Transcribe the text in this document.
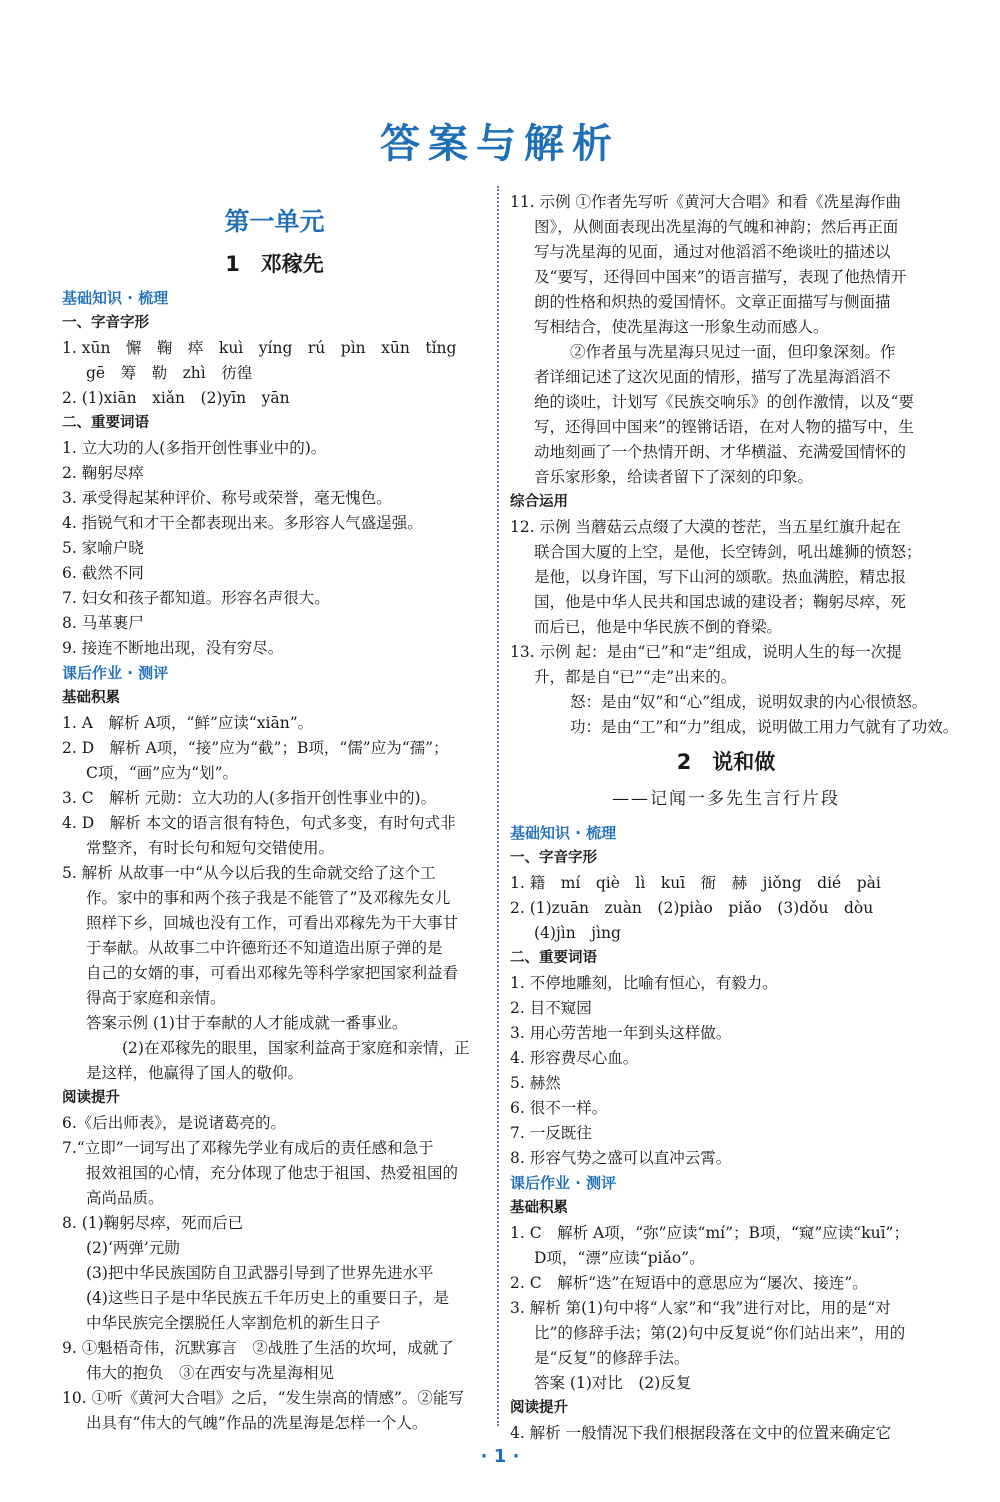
答案与解析
第一单元
1　邓稼先
基础知识 · 梳理
一、字音字形
1. xūn　懈　鞠　瘁　kuì　yíng　rú　pìn　xūn　tǐng
gē　筹　勒　zhì　彷徨
2. (1)xiān　xiǎn　(2)yīn　yān
二、重要词语
1. 立大功的人(多指开创性事业中的)。
2. 鞠躬尽瘁
3. 承受得起某种评价、称号或荣誉，毫无愧色。
4. 指锐气和才干全都表现出来。多形容人气盛逞强。
5. 家喻户晓
6. 截然不同
7. 妇女和孩子都知道。形容名声很大。
8. 马革裹尸
9. 接连不断地出现，没有穷尽。
课后作业 · 测评
基础积累
1. A　解析 A项，“鲜”应读“xiān”。
2. D　解析 A项，“接”应为“截”；B项，“儒”应为“孺”；
C项，“画”应为“划”。
3. C　解析 元勋：立大功的人(多指开创性事业中的)。
4. D　解析 本文的语言很有特色，句式多变，有时句式非
常整齐，有时长句和短句交错使用。
5. 解析 从故事一中“从今以后我的生命就交给了这个工
作。家中的事和两个孩子我是不能管了”及邓稼先女儿
照样下乡，回城也没有工作，可看出邓稼先为干大事甘
于奉献。从故事二中许德珩还不知道造出原子弹的是
自己的女婿的事，可看出邓稼先等科学家把国家利益看
得高于家庭和亲情。
答案示例 (1)甘于奉献的人才能成就一番事业。
(2)在邓稼先的眼里，国家利益高于家庭和亲情，正
是这样，他赢得了国人的敬仰。
阅读提升
6.《后出师表》，是说诸葛亮的。
7.“立即”一词写出了邓稼先学业有成后的责任感和急于
报效祖国的心情，充分体现了他忠于祖国、热爱祖国的
高尚品质。
8. (1)鞠躬尽瘁，死而后已
(2)‘两弹’元勋
(3)把中华民族国防自卫武器引导到了世界先进水平
(4)这些日子是中华民族五千年历史上的重要日子，是
中华民族完全摆脱任人宰割危机的新生日子
9. ①魁梧奇伟，沉默寡言　②战胜了生活的坎坷，成就了
伟大的抱负　③在西安与冼星海相见
10. ①听《黄河大合唱》之后，“发生崇高的情感”。②能写
出具有“伟大的气魄”作品的冼星海是怎样一个人。
11. 示例 ①作者先写听《黄河大合唱》和看《冼星海作曲
图》，从侧面表现出冼星海的气魄和神韵；然后再正面
写与冼星海的见面，通过对他滔滔不绝谈吐的描述以
及“要写，还得回中国来”的语言描写，表现了他热情开
朗的性格和炽热的爱国情怀。文章正面描写与侧面描
写相结合，使冼星海这一形象生动而感人。
②作者虽与冼星海只见过一面，但印象深刻。作
者详细记述了这次见面的情形，描写了冼星海滔滔不
绝的谈吐，计划写《民族交响乐》的创作激情，以及“要
写，还得回中国来”的铿锵话语，在对人物的描写中，生
动地刻画了一个热情开朗、才华横溢、充满爱国情怀的
音乐家形象，给读者留下了深刻的印象。
综合运用
12. 示例 当蘑菇云点缀了大漠的苍茫，当五星红旗升起在
联合国大厦的上空，是他，长空铸剑，吼出雄狮的愤怒；
是他，以身许国，写下山河的颂歌。热血满腔，精忠报
国，他是中华人民共和国忠诚的建设者；鞠躬尽瘁，死
而后已，他是中华民族不倒的脊梁。
13. 示例 起：是由“已”和“走”组成，说明人生的每一次提
升，都是自“已”“走”出来的。
怒：是由“奴”和“心”组成，说明奴隶的内心很愤怒。
功：是由“工”和“力”组成，说明做工用力气就有了功效。
2　说和做
——记闻一多先生言行片段
基础知识 · 梳理
一、字音字形
1. 籍　mí　qiè　lì　kuī　衙　赫　jiǒng　dié　pài
2. (1)zuān　zuàn　(2)piào　piǎo　(3)dǒu　dòu
(4)jìn　jìng
二、重要词语
1. 不停地雕刻，比喻有恒心，有毅力。
2. 目不窥园
3. 用心劳苦地一年到头这样做。
4. 形容费尽心血。
5. 赫然
6. 很不一样。
7. 一反既往
8. 形容气势之盛可以直冲云霄。
课后作业 · 测评
基础积累
1. C　解析 A项，“弥”应读“mí”；B项，“窥”应读“kuī”；
D项，“漂”应读“piǎo”。
2. C　解析“迭”在短语中的意思应为“屡次、接连”。
3. 解析 第(1)句中将“人家”和“我”进行对比，用的是“对
比”的修辞手法；第(2)句中反复说“你们站出来”，用的
是“反复”的修辞手法。
答案 (1)对比　(2)反复
阅读提升
4. 解析 一般情况下我们根据段落在文中的位置来确定它
· 1 ·
